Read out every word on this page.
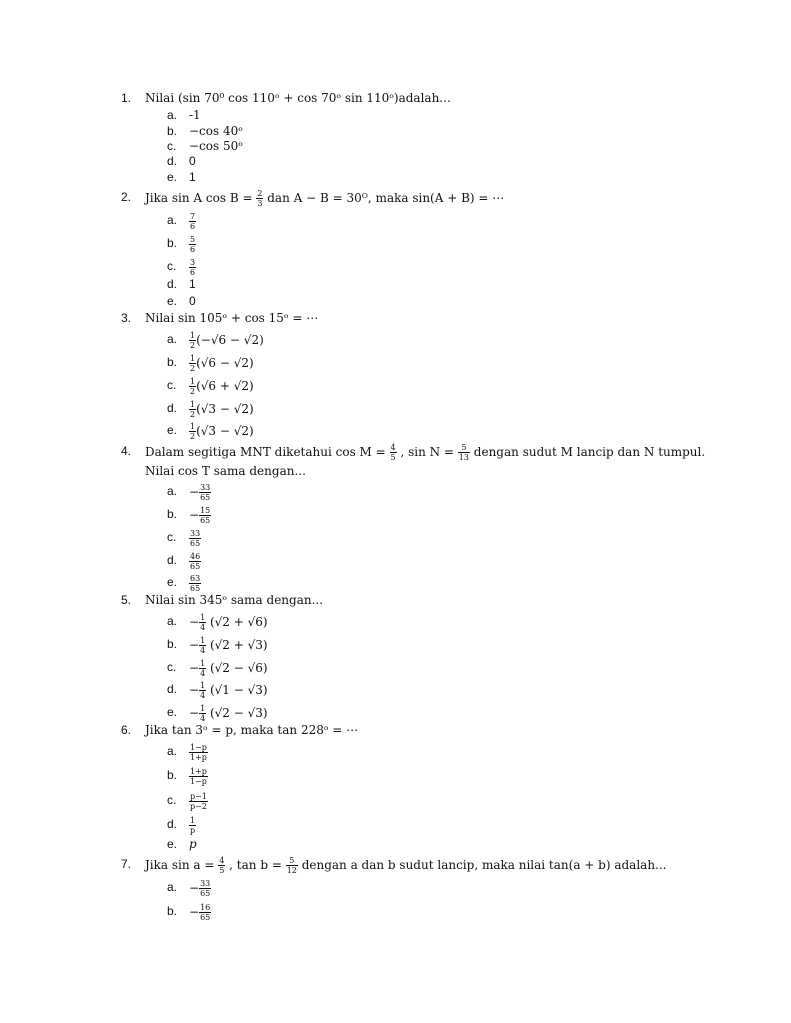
1. Nilai (sin 70⁰ cos 110ᵒ + cos 70ᵒ sin 110ᵒ)adalah...
a. -1
b. −cos 40ᵒ
c. −cos 50ᵒ
d. 0
e. 1
2. Jika sin A $\cos B = \frac{2}{3}$ dan A − B = 30ᴼ, maka sin(A + B) = ⋯
a. $\frac{7}{6}$
b. $\frac{5}{6}$
c. $\frac{3}{6}$
d. 1
e. 0
3. Nilai sin 105ᵒ + cos 15ᵒ = ⋯
a. $\frac{1}{2} (-√6 - √2)$
b. $\frac{1}{2} (√6 - √2)$
c. $\frac{1}{2} (√6 + √2)$
d. $\frac{1}{2} (√3 - √2)$
e. $\frac{1}{2} (√3 - √2)$
4. Dalam segitiga MNT diketahui $\cos M = \frac{4}{5}$ , $\sin N = \frac{5}{13}$ dengan sudut M lancip dan N tumpul.
Nilai cos T sama dengan...
a. − $\frac{33}{65}$
b. − $\frac{15}{65}$
c. $\frac{33}{65}$
d. $\frac{46}{65}$
e. $\frac{63}{65}$
5. Nilai sin 345ᵒ sama dengan...
a. − $\frac{1}{4} (√2 + √6)$
b. − $\frac{1}{4} (√2 + √3)$
c. − $\frac{1}{4} (√2 - √6)$
d. − $\frac{1}{4} (√1 - √3)$
e. − $\frac{1}{4} (√2 - √3)$
6. Jika tan 3ᵒ = p, maka tan 228ᵒ = ⋯
a. $\frac{1-p}{1+p}$
b. $\frac{1+p}{1-p}$
c. $\frac{p-1}{p-2}$
d. $\frac{1}{p}$
e. p
7. Jika $\sin a = \frac{4}{5}$ , $\tan b = \frac{5}{12}$ dengan a dan b sudut lancip, maka nilai tan(a + b) adalah...
a. − $\frac{33}{65}$
b. − $\frac{16}{65}$
